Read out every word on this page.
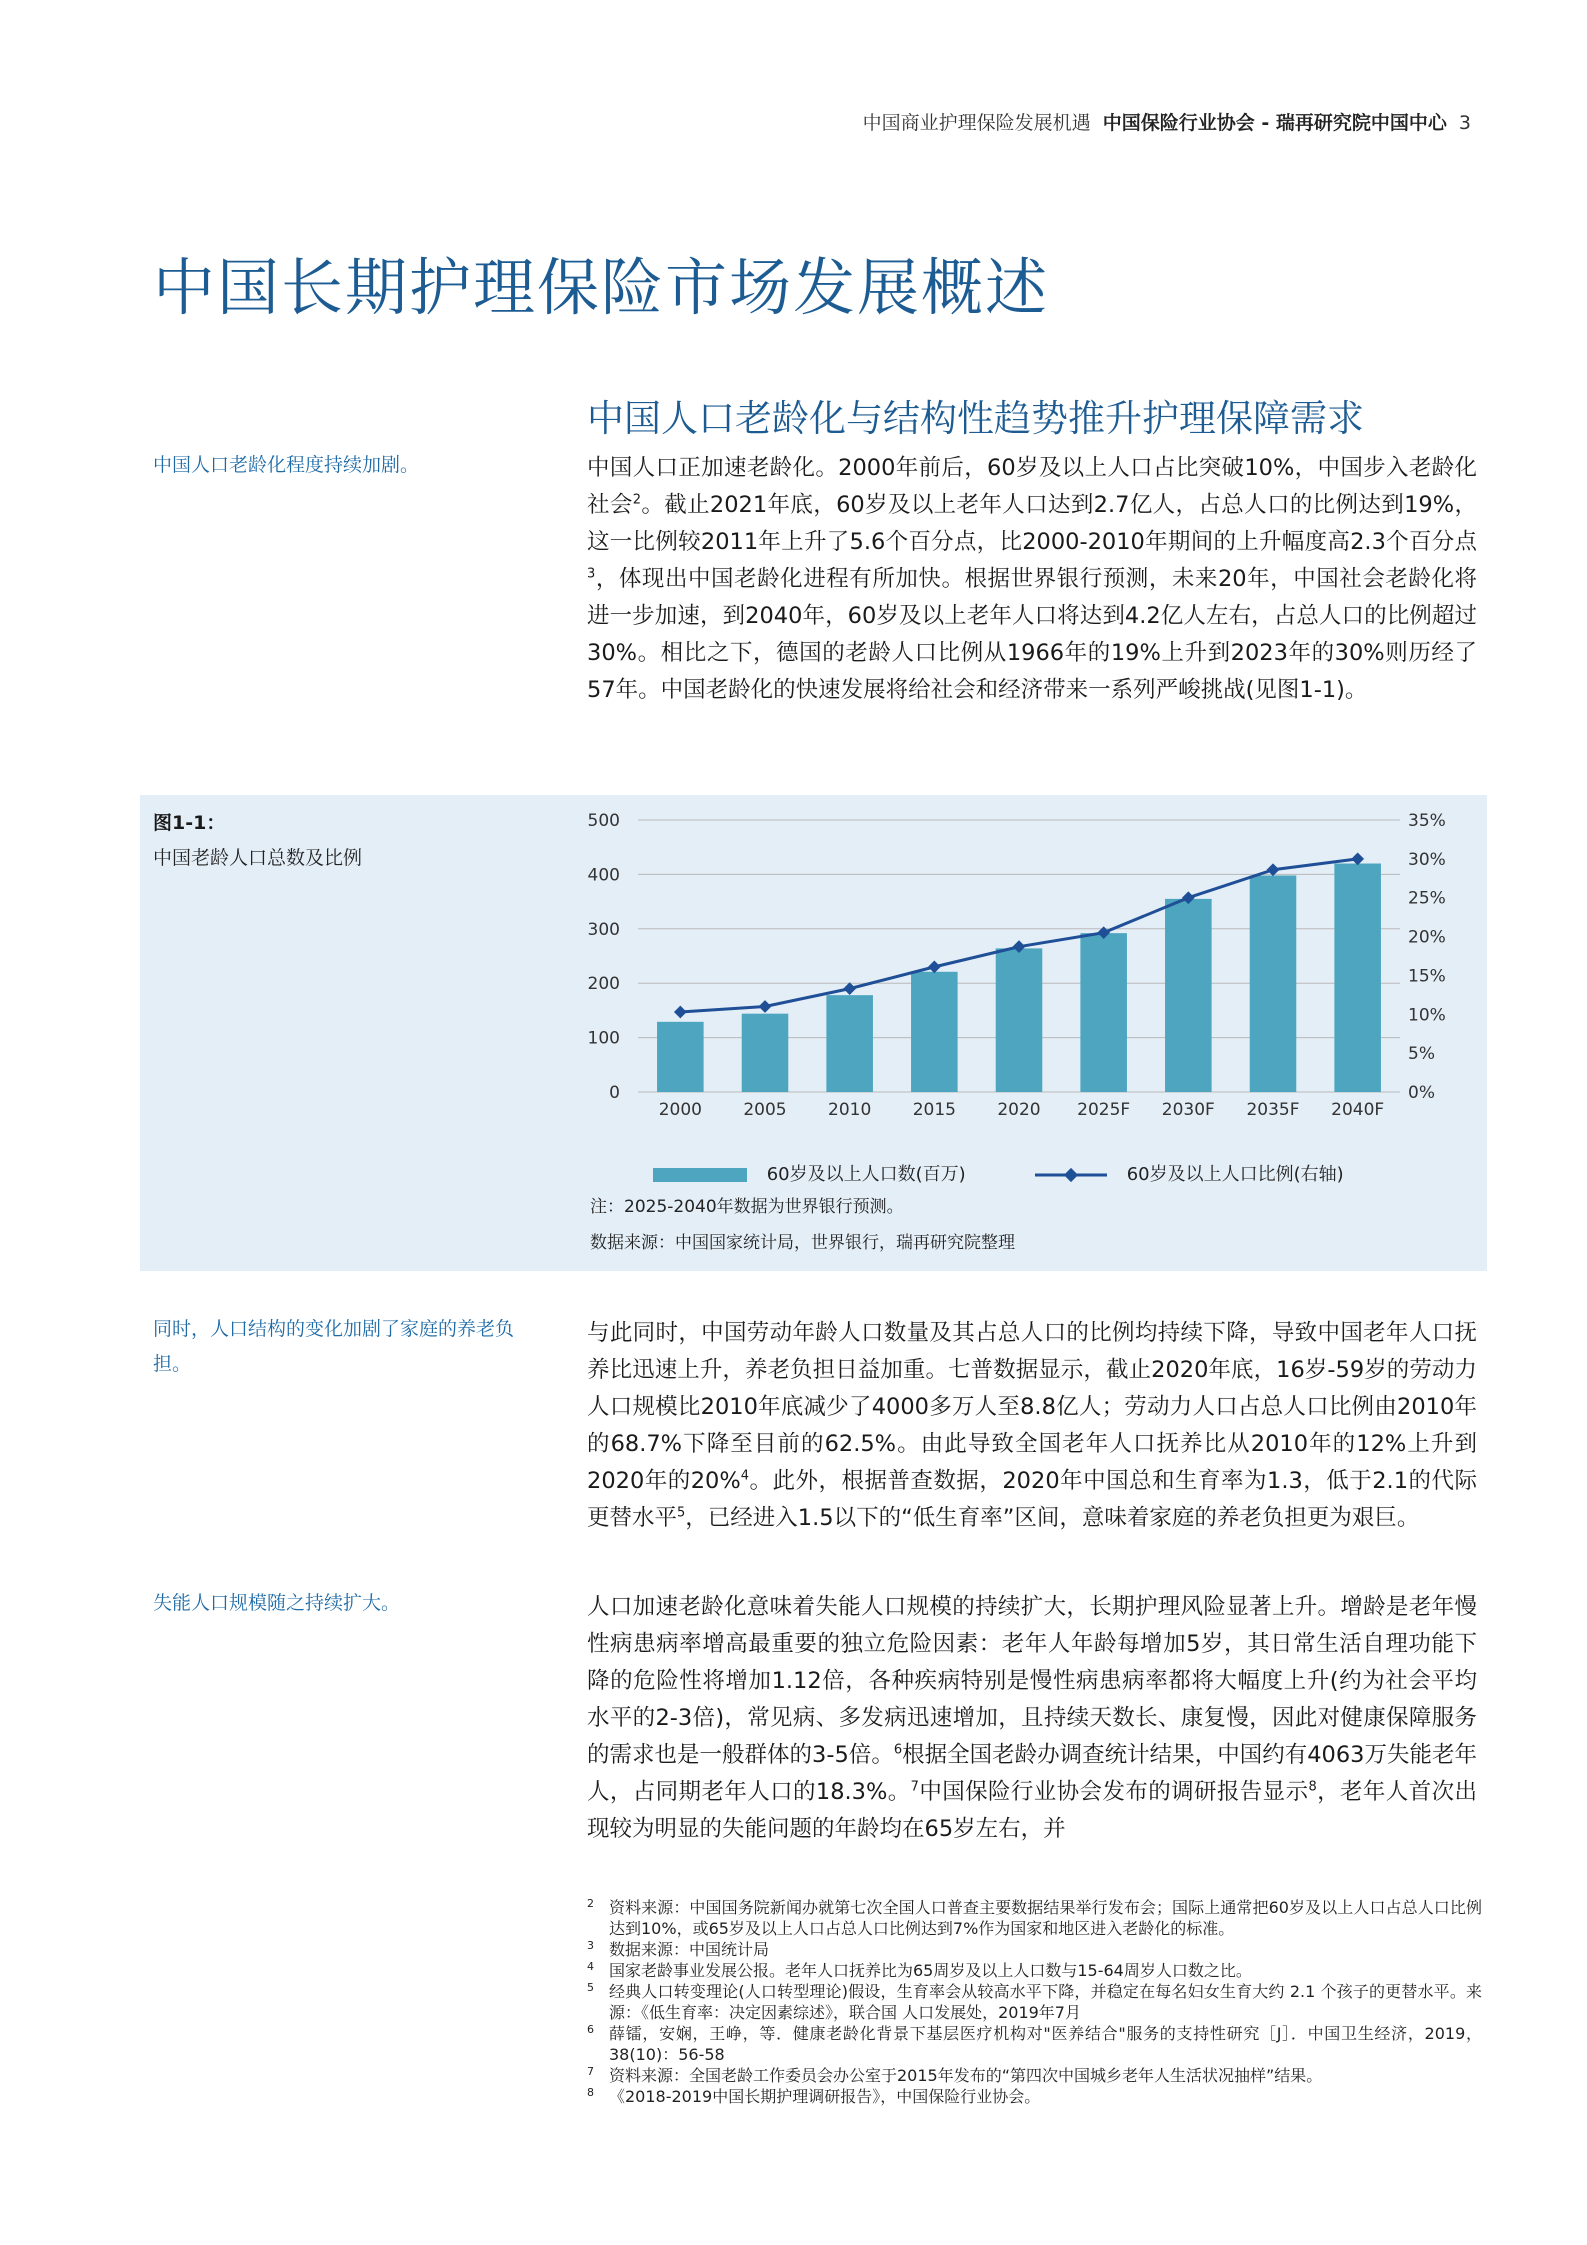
中国商业护理保险发展机遇 中国保险行业协会 - 瑞再研究院中国中心 3
中国长期护理保险市场发展概述
中国人口老龄化与结构性趋势推升护理保障需求
中国人口老龄化程度持续加剧。
同时，人口结构的变化加剧了家庭的养老负担。
失能人口规模随之持续扩大。

中国人口正加速老龄化。2000年前后，60岁及以上人口占比突破10%，中国步入老龄化社会$^2$。截止2021年底，60岁及以上老年人口达到2.7亿人，占总人口的比例达到19%，这一比例较2011年上升了5.6个百分点，比2000-2010年期间的上升幅度高2.3个百分点$^3$，体现出中国老龄化进程有所加快。根据世界银行预测，未来20年，中国社会老龄化将进一步加速，到2040年，60岁及以上老年人口将达到4.2亿人左右，占总人口的比例超过30%。相比之下，德国的老龄人口比例从1966年的19%上升到2023年的30%则历经了57年。中国老龄化的快速发展将给社会和经济带来一系列严峻挑战(见图1-1)。

图1-1：
中国老龄人口总数及比例
0
100
200
300
400
500
0%
5%
10%
15%
20%
25%
30%
35%
2000 2005 2010 2015 2020 2025F 2030F 2035F 2040F
60岁及以上人口数(百万)	60岁及以上人口比例(右轴)
注：2025-2040年数据为世界银行预测。
数据来源：中国国家统计局，世界银行，瑞再研究院整理

与此同时，中国劳动年龄人口数量及其占总人口的比例均持续下降，导致中国老年人口抚养比迅速上升，养老负担日益加重。七普数据显示，截止2020年底，16岁-59岁的劳动力人口规模比2010年底减少了4000多万人至8.8亿人；劳动力人口占总人口比例由2010年的68.7%下降至目前的62.5%。由此导致全国老年人口抚养比从2010年的12%上升到2020年的20%$^4$。此外，根据普查数据，2020年中国总和生育率为1.3，低于2.1的代际更替水平$^5$，已经进入1.5以下的“低生育率”区间，意味着家庭的养老负担更为艰巨。

人口加速老龄化意味着失能人口规模的持续扩大，长期护理风险显著上升。增龄是老年慢性病患病率增高最重要的独立危险因素：老年人年龄每增加5岁，其日常生活自理功能下降的危险性将增加1.12倍，各种疾病特别是慢性病患病率都将大幅度上升(约为社会平均水平的2-3倍)，常见病、多发病迅速增加，且持续天数长、康复慢，因此对健康保障服务的需求也是一般群体的3-5倍。$^6$根据全国老龄办调查统计结果，中国约有4063万失能老年人，占同期老年人口的18.3%。$^7$中国保险行业协会发布的调研报告显示$^8$，老年人首次出现较为明显的失能问题的年龄均在65岁左右，并

2 资料来源：中国国务院新闻办就第七次全国人口普查主要数据结果举行发布会；国际上通常把60岁及以上人口占总人口比例达到10%，或65岁及以上人口占总人口比例达到7%作为国家和地区进入老龄化的标准。
3 数据来源：中国统计局
4 国家老龄事业发展公报。老年人口抚养比为65周岁及以上人口数与15-64周岁人口数之比。
5 经典人口转变理论(人口转型理论)假设，生育率会从较高水平下降，并稳定在每名妇女生育大约 2.1 个孩子的更替水平。来源：《低生育率：决定因素综述》，联合国 人口发展处，2019年7月
6 薛镭，安娴，王峥，等．健康老龄化背景下基层医疗机构对"医养结合"服务的支持性研究［J］．中国卫生经济，2019，38(10)：56-58
7 资料来源：全国老龄工作委员会办公室于2015年发布的“第四次中国城乡老年人生活状况抽样”结果。
8 《2018-2019中国长期护理调研报告》，中国保险行业协会。
